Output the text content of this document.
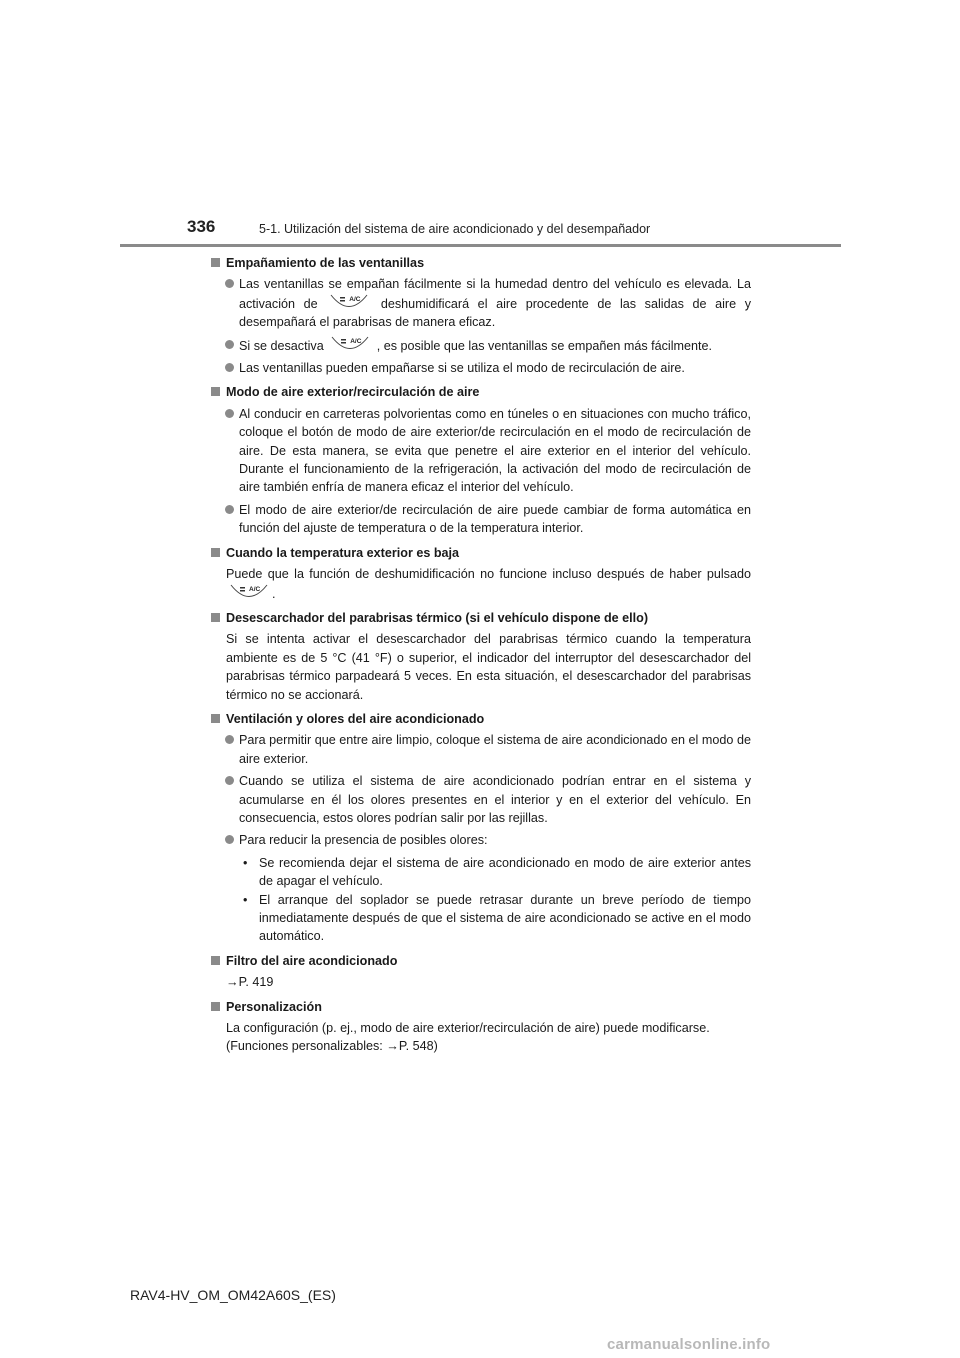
336	5-1. Utilización del sistema de aire acondicionado y del desempañador
Empañamiento de las ventanillas
Las ventanillas se empañan fácilmente si la humedad dentro del vehículo es elevada. La activación de	A/C deshumidificará el aire procedente de las salidas de aire y desempañará el parabrisas de manera eficaz.
Si se desactiva	A/C , es posible que las ventanillas se empañen más fácilmente.
Las ventanillas pueden empañarse si se utiliza el modo de recirculación de aire.
Modo de aire exterior/recirculación de aire
Al conducir en carreteras polvorientas como en túneles o en situaciones con mucho tráfico, coloque el botón de modo de aire exterior/de recirculación en el modo de recirculación de aire. De esta manera, se evita que penetre el aire exterior en el interior del vehículo. Durante el funcionamiento de la refrigeración, la activación del modo de recirculación de aire también enfría de manera eficaz el interior del vehículo.
El modo de aire exterior/de recirculación de aire puede cambiar de forma automática en función del ajuste de temperatura o de la temperatura interior.
Cuando la temperatura exterior es baja
Puede que la función de deshumidificación no funcione incluso después de haber pulsado
A/C .
Desescarchador del parabrisas térmico (si el vehículo dispone de ello)
Si se intenta activar el desescarchador del parabrisas térmico cuando la temperatura ambiente es de 5 °C (41 °F) o superior, el indicador del interruptor del desescarchador del parabrisas térmico parpadeará 5 veces. En esta situación, el desescarchador del parabrisas térmico no se accionará.
Ventilación y olores del aire acondicionado
Para permitir que entre aire limpio, coloque el sistema de aire acondicionado en el modo de aire exterior.
Cuando se utiliza el sistema de aire acondicionado podrían entrar en el sistema y acumularse en él los olores presentes en el interior y en el exterior del vehículo. En consecuencia, estos olores podrían salir por las rejillas.
Para reducir la presencia de posibles olores:
• Se recomienda dejar el sistema de aire acondicionado en modo de aire exterior antes de apagar el vehículo.
• El arranque del soplador se puede retrasar durante un breve período de tiempo inmediatamente después de que el sistema de aire acondicionado se active en el modo automático.
Filtro del aire acondicionado
→P. 419
Personalización
La configuración (p. ej., modo de aire exterior/recirculación de aire) puede modificarse.
(Funciones personalizables: →P. 548)
RAV4-HV_OM_OM42A60S_(ES)
carmanualsonline.info
